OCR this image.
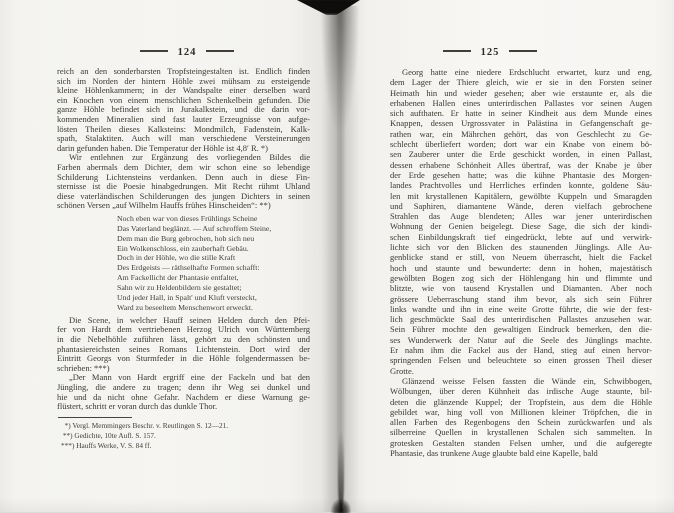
124
reich an den sonderbarsten Tropfsteingestalten ist. Endlich finden
sich im Norden der hintern Höhle zwei mühsam zu ersteigende
kleine Höhlenkammern; in der Wandspalte einer derselben ward
ein Knochen von einem menschlichen Schenkelbein gefunden. Die
ganze Höhle befindet sich in Jurakalkstein, und die darin vor-
kommenden Mineralien sind fast lauter Erzeugnisse von aufge-
lösten Theilen dieses Kalksteins: Mondmilch, Fadenstein, Kalk-
spath, Stalaktiten. Auch will man verschiedene Versteinerungen
darin gefunden haben. Die Temperatur der Höhle ist 4,8′ R. *)
Wir entlehnen zur Ergänzung des vorliegenden Bildes die
Farben abermals dem Dichter, dem wir schon eine so lebendige
Schilderung Lichtensteins verdanken. Denn auch in diese Fin-
sternisse ist die Poesie hinabgedrungen. Mit Recht rühmt Uhland
diese vaterländischen Schilderungen des jungen Dichters in seinen
schönen Versen „auf Wilhelm Hauffs frühes Hinscheiden“: **)
Noch eben war von dieses Frühlings Scheine
Das Vaterland beglänzt. — Auf schroffem Steine,
Dem man die Burg gebrochen, hob sich neu
Ein Wolkenschloss, ein zauberhaft Gebäu.
Doch in der Höhle, wo die stille Kraft
Des Erdgeists — räthselhafte Formen schafft:
Am Fackellicht der Phantasie entfaltet,
Sahn wir zu Heldenbildern sie gestaltet;
Und jeder Hall, in Spalt' und Kluft versteckt,
Ward zu beseeltem Menschenwort erweckt.
Die Scene, in welcher Hauff seinen Helden durch den Pfei-
fer von Hardt dem vertriebenen Herzog Ulrich von Württemberg
in die Nebelhöhle zuführen lässt, gehört zu den schönsten und
phantasiereichsten seines Romans Lichtenstein. Dort wird der
Eintritt Georgs von Sturmfeder in die Höhle folgendermassen be-
schrieben: ***)
„Der Mann von Hardt ergriff eine der Fackeln und bat den
Jüngling, die andere zu tragen; denn ihr Weg sei dunkel und
hie und da nicht ohne Gefahr. Nachdem er diese Warnung ge-
flüstert, schritt er voran durch das dunkle Thor.
*) Vergl. Memmingers Beschr. v. Reutlingen S. 12—21.
**) Gedichte, 10te Aufl. S. 157.
***) Hauffs Werke, V. S. 84 ff.
125
Georg hatte eine niedere Erdschlucht erwartet, kurz und eng,
dem Lager der Thiere gleich, wie er sie in den Forsten seiner
Heimath hin und wieder gesehen; aber wie erstaunte er, als die
erhabenen Hallen eines unterirdischen Pallastes vor seinen Augen
sich aufthaten. Er hatte in seiner Kindheit aus dem Munde eines
Knappen, dessen Urgrossvater in Palästina in Gefangenschaft ge-
rathen war, ein Mährchen gehört, das von Geschlecht zu Ge-
schlecht überliefert worden; dort war ein Knabe von einem bö-
sen Zauberer unter die Erde geschickt worden, in einen Pallast,
dessen erhabene Schönheit Alles übertraf, was der Knabe je über
der Erde gesehen hatte; was die kühne Phantasie des Morgen-
landes Prachtvolles und Herrliches erfinden konnte, goldene Säu-
len mit krystallenen Kapitälern, gewölbte Kuppeln und Smaragden
und Saphiren, diamantene Wände, deren vielfach gebrochene
Strahlen das Auge blendeten; Alles war jener unterirdischen
Wohnung der Genien beigelegt. Diese Sage, die sich der kindi-
schen Einbildungskraft tief eingedrückt, lebte auf und verwirk-
lichte sich vor den Blicken des staunenden Jünglings. Alle Au-
genblicke stand er still, von Neuem überrascht, hielt die Fackel
hoch und staunte und bewunderte: denn in hohen, majestätisch
gewölbten Bogen zog sich der Höhlengang hin und flimmte und
blitzte, wie von tausend Krystallen und Diamanten. Aber noch
grössere Ueberraschung stand ihm bevor, als sich sein Führer
links wandte und ihn in eine weite Grotte führte, die wie der fest-
lich geschmückte Saal des unterirdischen Pallastes anzusehen war.
Sein Führer mochte den gewaltigen Eindruck bemerken, den die-
ses Wunderwerk der Natur auf die Seele des Jünglings machte.
Er nahm ihm die Fackel aus der Hand, stieg auf einen hervor-
springenden Felsen und beleuchtete so einen grossen Theil dieser
Grotte.
Glänzend weisse Felsen fassten die Wände ein, Schwibbogen,
Wölbungen, über deren Kühnheit das irdische Auge staunte, bil-
deten die glänzende Kuppel; der Tropfstein, aus dem die Höhle
gebildet war, hing voll von Millionen kleiner Tröpfchen, die in
allen Farben des Regenbogens den Schein zurückwarfen und als
silberreine Quellen in krystallenen Schalen sich sammelten. In
grotesken Gestalten standen Felsen umher, und die aufgeregte
Phantasie, das trunkene Auge glaubte bald eine Kapelle, bald
